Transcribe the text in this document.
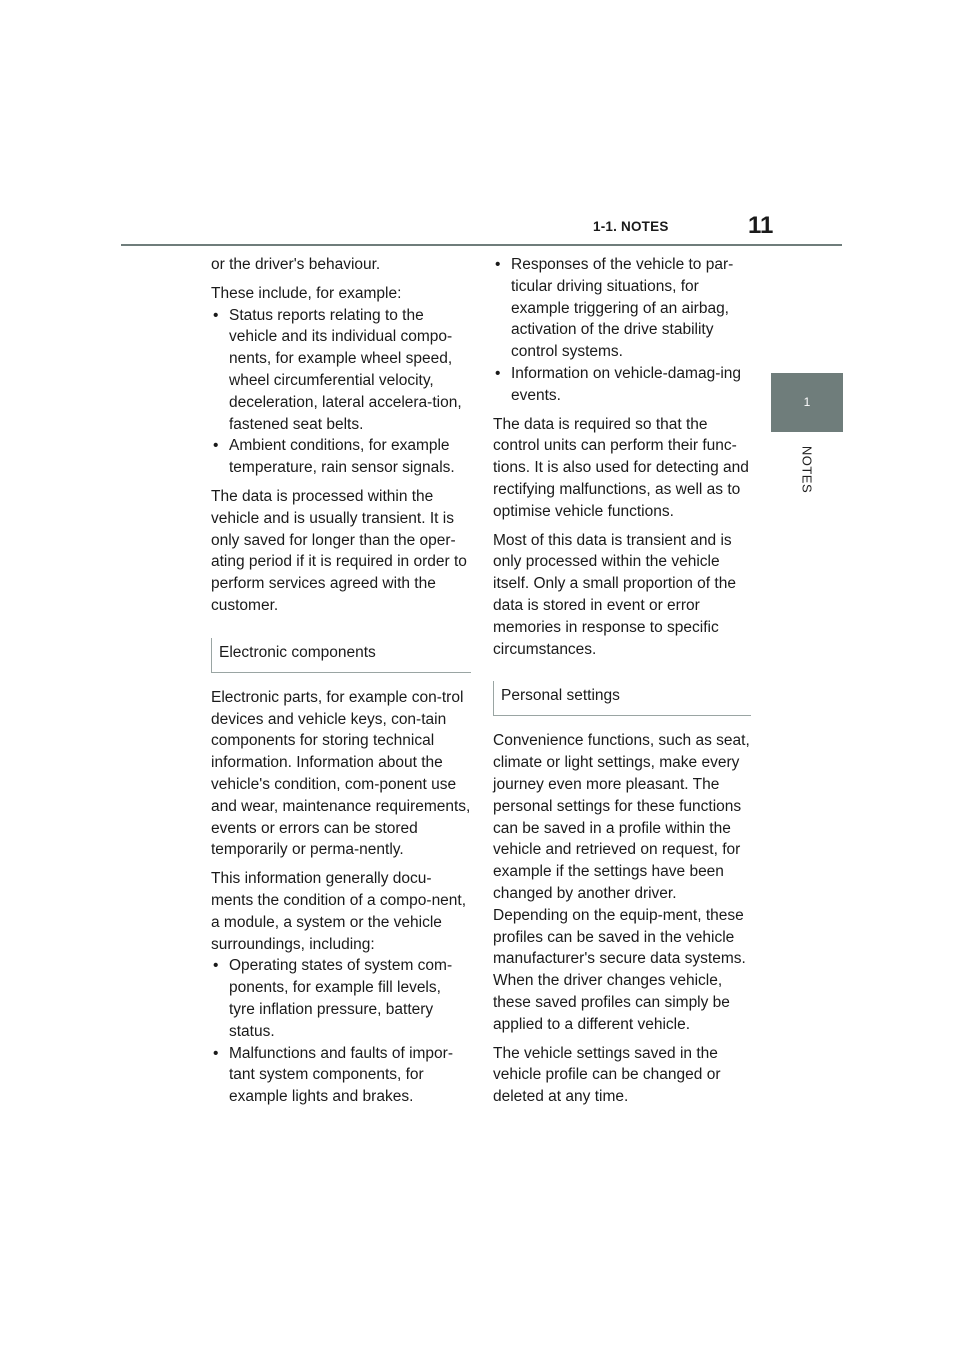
1-1. NOTES	11
1
NOTES

or the driver's behaviour.

These include, for example:

• Status reports relating to the vehicle and its individual compo-nents, for example wheel speed, wheel circumferential velocity, deceleration, lateral accelera-tion, fastened seat belts.
• Ambient conditions, for example temperature, rain sensor signals.

The data is processed within the vehicle and is usually transient. It is only saved for longer than the oper-ating period if it is required in order to perform services agreed with the customer.

Electronic components

Electronic parts, for example con-trol devices and vehicle keys, con-tain components for storing technical information. Information about the vehicle's condition, com-ponent use and wear, maintenance requirements, events or errors can be stored temporarily or perma-nently.

This information generally docu-ments the condition of a compo-nent, a module, a system or the vehicle surroundings, including:

• Operating states of system com-ponents, for example fill levels, tyre inflation pressure, battery status.
• Malfunctions and faults of impor-tant system components, for example lights and brakes.
• Responses of the vehicle to par-ticular driving situations, for example triggering of an airbag, activation of the drive stability control systems.
• Information on vehicle-damag-ing events.

The data is required so that the control units can perform their func-tions. It is also used for detecting and rectifying malfunctions, as well as to optimise vehicle functions.

Most of this data is transient and is only processed within the vehicle itself. Only a small proportion of the data is stored in event or error memories in response to specific circumstances.

Personal settings

Convenience functions, such as seat, climate or light settings, make every journey even more pleasant. The personal settings for these functions can be saved in a profile within the vehicle and retrieved on request, for example if the settings have been changed by another driver. Depending on the equip-ment, these profiles can be saved in the vehicle manufacturer's secure data systems. When the driver changes vehicle, these saved profiles can simply be applied to a different vehicle.

The vehicle settings saved in the vehicle profile can be changed or deleted at any time.
